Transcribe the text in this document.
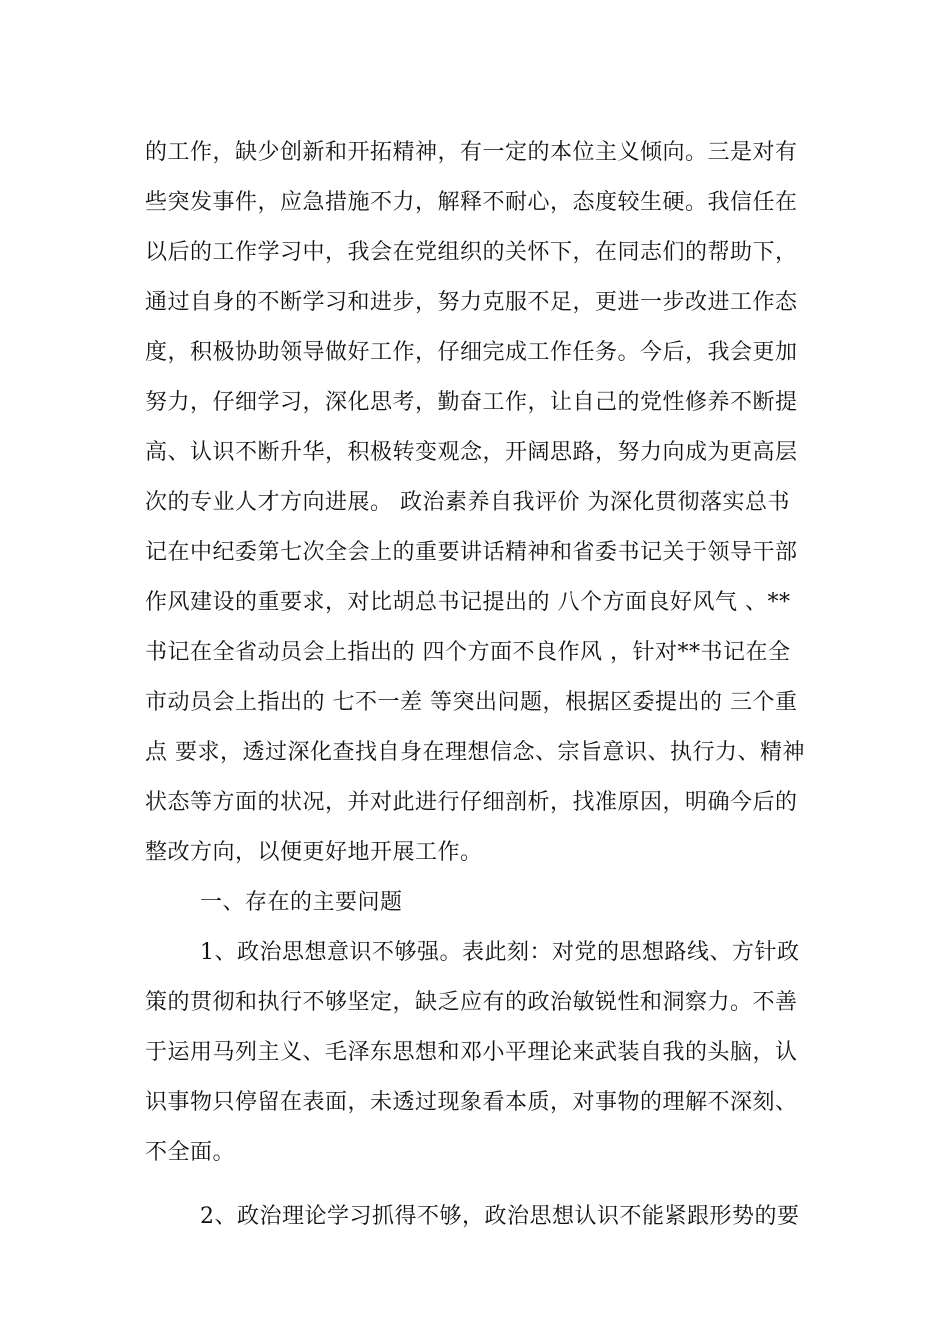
的工作，缺少创新和开拓精神，有一定的本位主义倾向。三是对有
些突发事件，应急措施不力，解释不耐心，态度较生硬。我信任在
以后的工作学习中，我会在党组织的关怀下，在同志们的帮助下，
通过自身的不断学习和进步，努力克服不足，更进一步改进工作态
度，积极协助领导做好工作，仔细完成工作任务。今后，我会更加
努力，仔细学习，深化思考，勤奋工作，让自己的党性修养不断提
高、认识不断升华，积极转变观念，开阔思路，努力向成为更高层
次的专业人才方向进展。 政治素养自我评价 为深化贯彻落实总书
记在中纪委第七次全会上的重要讲话精神和省委书记关于领导干部
作风建设的重要求，对比胡总书记提出的 八个方面良好风气 、**
书记在全省动员会上指出的 四个方面不良作风 ，针对**书记在全
市动员会上指出的 七不一差 等突出问题，根据区委提出的 三个重
点 要求，透过深化查找自身在理想信念、宗旨意识、执行力、精神
状态等方面的状况，并对此进行仔细剖析，找准原因，明确今后的
整改方向，以便更好地开展工作。
一、存在的主要问题
1、政治思想意识不够强。表此刻：对党的思想路线、方针政
策的贯彻和执行不够坚定，缺乏应有的政治敏锐性和洞察力。不善
于运用马列主义、毛泽东思想和邓小平理论来武装自我的头脑，认
识事物只停留在表面，未透过现象看本质，对事物的理解不深刻、
不全面。
2、政治理论学习抓得不够，政治思想认识不能紧跟形势的要
